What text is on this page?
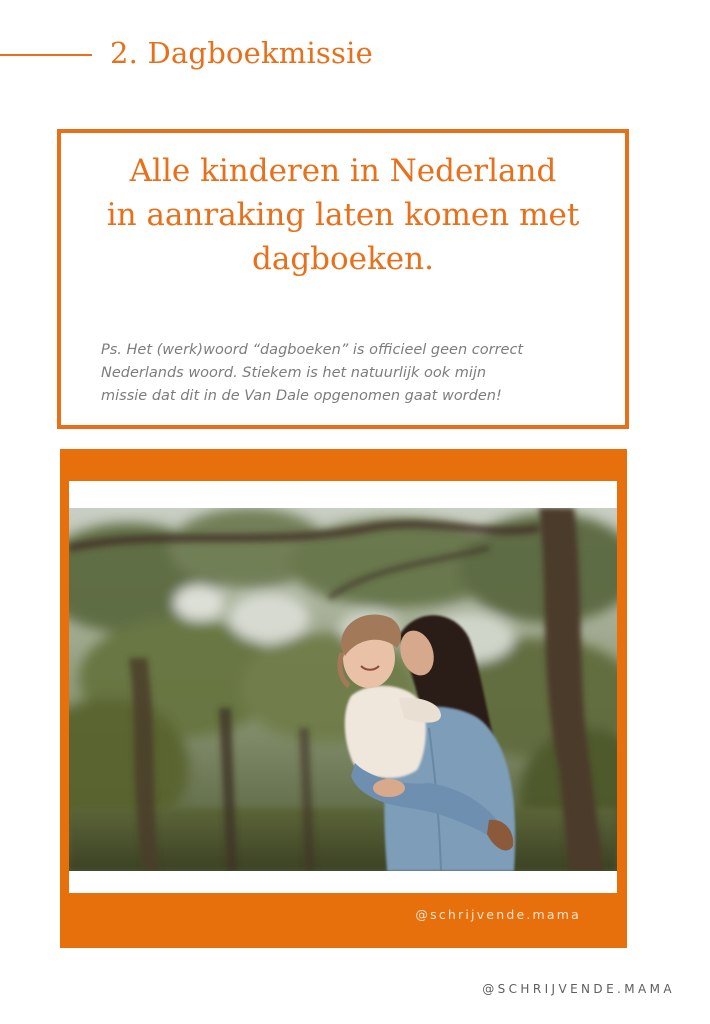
2. Dagboekmissie
Alle kinderen in Nederland
in aanraking laten komen met
dagboeken.

Ps. Het (werk)woord “dagboeken” is officieel geen correct
Nederlands woord. Stiekem is het natuurlijk ook mijn
missie dat dit in de Van Dale opgenomen gaat worden!

@schrijvende.mama
@SCHRIJVENDE.MAMA
